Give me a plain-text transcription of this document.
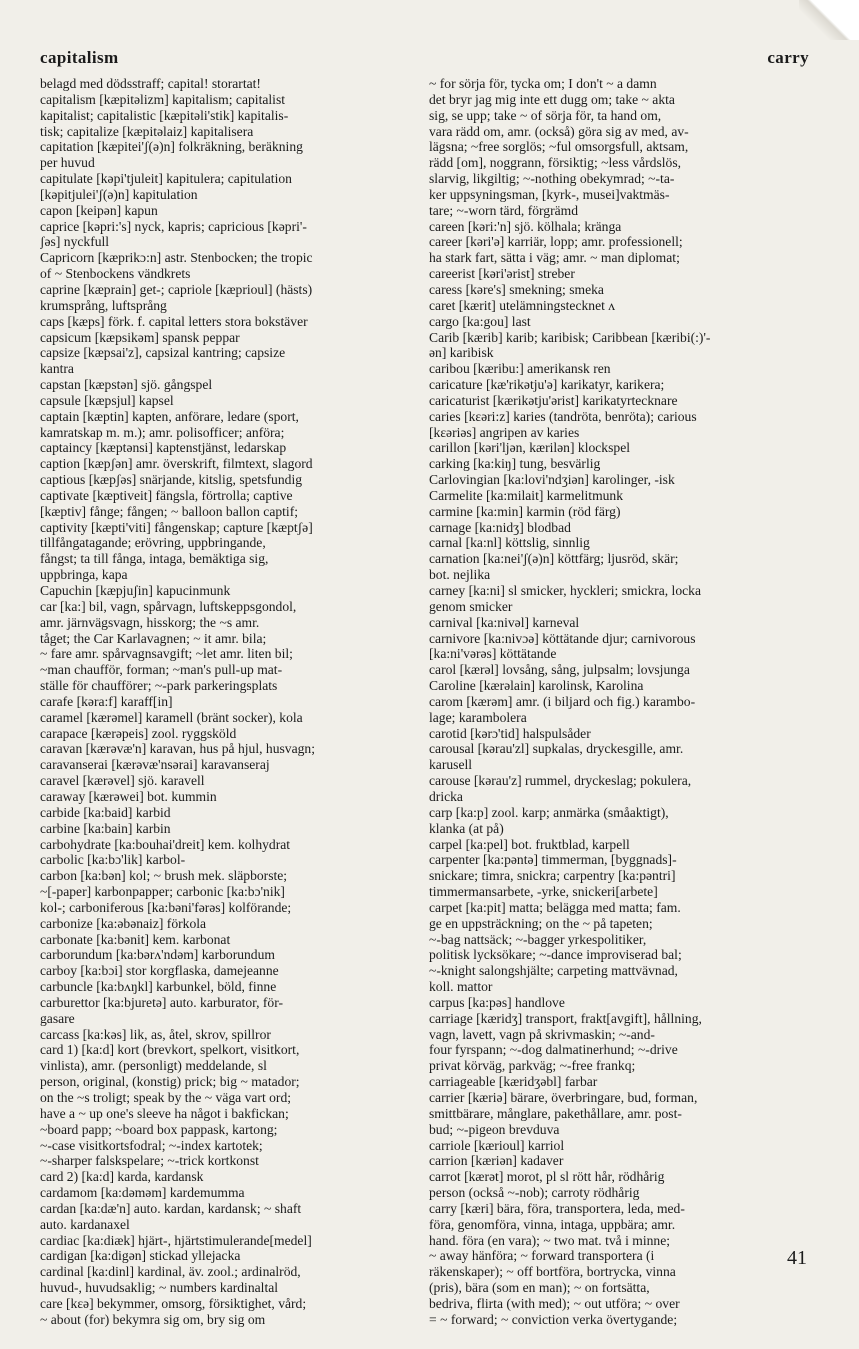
capitalism	carry
belagd med dödsstraff; capital! storartat!
capitalism [kæpitəlizm] kapitalism; capitalist
kapitalist; capitalistic [kæpitəli'stik] kapitalis-
tisk; capitalize [kæpitəlaiz] kapitalisera
capitation [kæpitei'ʃ(ə)n] folkräkning, beräkning
per huvud
capitulate [kəpi'tjuleit] kapitulera; capitulation
[kəpitjulei'ʃ(ə)n] kapitulation
capon [keipən] kapun
caprice [kəpri:'s] nyck, kapris; capricious [kəpri'-
ʃəs] nyckfull
Capricorn [kæprikɔ:n] astr. Stenbocken; the tropic
of ~ Stenbockens vändkrets
caprine [kæprain] get-; capriole [kæprioul] (hästs)
krumsprång, luftsprång
caps [kæps] förk. f. capital letters stora bokstäver
capsicum [kæpsikəm] spansk peppar
capsize [kæpsai'z], capsizal kantring; capsize
kantra
capstan [kæpstən] sjö. gångspel
capsule [kæpsjul] kapsel
captain [kæptin] kapten, anförare, ledare (sport,
kamratskap m. m.); amr. polisofficer; anföra;
captaincy [kæptənsi] kaptenstjänst, ledarskap
caption [kæpʃən] amr. överskrift, filmtext, slagord
captious [kæpʃəs] snärjande, kitslig, spetsfundig
captivate [kæptiveit] fängsla, förtrolla; captive
[kæptiv] fånge; fången; ~ balloon ballon captif;
captivity [kæpti'viti] fångenskap; capture [kæptʃə]
tillfångatagande; erövring, uppbringande,
fångst; ta till fånga, intaga, bemäktiga sig,
uppbringa, kapa
Capuchin [kæpjuʃin] kapucinmunk
car [ka:] bil, vagn, spårvagn, luftskeppsgondol,
amr. järnvägsvagn, hisskorg; the ~s amr.
tåget; the Car Karlavagnen; ~ it amr. bila;
~ fare amr. spårvagnsavgift; ~let amr. liten bil;
~man chaufför, forman; ~man's pull-up mat-
ställe för chaufförer; ~-park parkeringsplats
carafe [kəra:f] karaff[in]
caramel [kærəmel] karamell (bränt socker), kola
carapace [kærəpeis] zool. ryggsköld
caravan [kærəvæ'n] karavan, hus på hjul, husvagn;
caravanserai [kærəvæ'nsərai] karavanseraj
caravel [kærəvel] sjö. karavell
caraway [kærəwei] bot. kummin
carbide [ka:baid] karbid
carbine [ka:bain] karbin
carbohydrate [ka:bouhai'dreit] kem. kolhydrat
carbolic [ka:bɔ'lik] karbol-
carbon [ka:bən] kol; ~ brush mek. släpborste;
~[-paper] karbonpapper; carbonic [ka:bɔ'nik]
kol-; carboniferous [ka:bəni'fərəs] kolförande;
carbonize [ka:əbənaiz] förkola
carbonate [ka:bənit] kem. karbonat
carborundum [ka:bərʌ'ndəm] karborundum
carboy [ka:bɔi] stor korgflaska, damejeanne
carbuncle [ka:bʌŋkl] karbunkel, böld, finne
carburettor [ka:bjuretə] auto. karburator, för-
gasare
carcass [ka:kəs] lik, as, åtel, skrov, spillror
card 1) [ka:d] kort (brevkort, spelkort, visitkort,
vinlista), amr. (personligt) meddelande, sl
person, original, (konstig) prick; big ~ matador;
on the ~s troligt; speak by the ~ väga vart ord;
have a ~ up one's sleeve ha något i bakfickan;
~board papp; ~board box pappask, kartong;
~-case visitkortsfodral; ~-index kartotek;
~-sharper falskspelare; ~-trick kortkonst
card 2) [ka:d] karda, kardansk
cardamom [ka:dəməm] kardemumma
cardan [ka:dæ'n] auto. kardan, kardansk; ~ shaft
auto. kardanaxel
cardiac [ka:diæk] hjärt-, hjärtstimulerande[medel]
cardigan [ka:digən] stickad yllejacka
cardinal [ka:dinl] kardinal, äv. zool.; ardinalröd,
huvud-, huvudsaklig; ~ numbers kardinaltal
care [kɛə] bekymmer, omsorg, försiktighet, vård;
~ about (for) bekymra sig om, bry sig om
~ for sörja för, tycka om; I don't ~ a damn
det bryr jag mig inte ett dugg om; take ~ akta
sig, se upp; take ~ of sörja för, ta hand om,
vara rädd om, amr. (också) göra sig av med, av-
lägsna; ~free sorglös; ~ful omsorgsfull, aktsam,
rädd [om], noggrann, försiktig; ~less vårdslös,
slarvig, likgiltig; ~-nothing obekymrad; ~-ta-
ker uppsyningsman, [kyrk-, musei]vaktmäs-
tare; ~-worn tärd, förgrämd
careen [kəri:'n] sjö. kölhala; kränga
career [kəri'ə] karriär, lopp; amr. professionell;
ha stark fart, sätta i väg; amr. ~ man diplomat;
careerist [kəri'ərist] streber
caress [kəre's] smekning; smeka
caret [kærit] utelämningstecknet ʌ
cargo [ka:gou] last
Carib [kærib] karib; karibisk; Caribbean [kæribi(:)'-
ən] karibisk
caribou [kæribu:] amerikansk ren
caricature [kæ'rikətju'ə] karikatyr, karikera;
caricaturist [kærikətju'ərist] karikatyrtecknare
caries [kɛəri:z] karies (tandröta, benröta); carious
[kɛəriəs] angripen av karies
carillon [kəri'ljən, kærilən] klockspel
carking [ka:kiŋ] tung, besvärlig
Carlovingian [ka:lovi'ndʒiən] karolinger, -isk
Carmelite [ka:milait] karmelitmunk
carmine [ka:min] karmin (röd färg)
carnage [ka:nidʒ] blodbad
carnal [ka:nl] köttslig, sinnlig
carnation [ka:nei'ʃ(ə)n] köttfärg; ljusröd, skär;
bot. nejlika
carney [ka:ni] sl smicker, hyckleri; smickra, locka
genom smicker
carnival [ka:nivəl] karneval
carnivore [ka:nivɔə] köttätande djur; carnivorous
[ka:ni'vərəs] köttätande
carol [kærəl] lovsång, sång, julpsalm; lovsjunga
Caroline [kærəlain] karolinsk, Karolina
carom [kærəm] amr. (i biljard och fig.) karambo-
lage; karambolera
carotid [kərɔ'tid] halspulsåder
carousal [kərau'zl] supkalas, dryckesgille, amr.
karusell
carouse [kərau'z] rummel, dryckeslag; pokulera,
dricka
carp [ka:p] zool. karp; anmärka (småaktigt),
klanka (at på)
carpel [ka:pel] bot. fruktblad, karpell
carpenter [ka:pəntə] timmerman, [byggnads]-
snickare; timra, snickra; carpentry [ka:pəntri]
timmermansarbete, -yrke, snickeri[arbete]
carpet [ka:pit] matta; belägga med matta; fam.
ge en uppsträckning; on the ~ på tapeten;
~-bag nattsäck; ~-bagger yrkespolitiker,
politisk lycksökare; ~-dance improviserad bal;
~-knight salongshjälte; carpeting mattvävnad,
koll. mattor
carpus [ka:pəs] handlove
carriage [kæridʒ] transport, frakt[avgift], hållning,
vagn, lavett, vagn på skrivmaskin; ~-and-
four fyrspann; ~-dog dalmatinerhund; ~-drive
privat körväg, parkväg; ~-free frankq;
carriageable [kæridʒəbl] farbar
carrier [kæriə] bärare, överbringare, bud, forman,
smittbärare, månglare, pakethållare, amr. post-
bud; ~-pigeon brevduva
carriole [kærioul] karriol
carrion [kæriən] kadaver
carrot [kærət] morot, pl sl rött hår, rödhårig
person (också ~-nob); carroty rödhårig
carry [kæri] bära, föra, transportera, leda, med-
föra, genomföra, vinna, intaga, uppbära; amr.
hand. föra (en vara); ~ two mat. två i minne;
~ away hänföra; ~ forward transportera (i
räkenskaper); ~ off bortföra, bortrycka, vinna
(pris), bära (som en man); ~ on fortsätta,
bedriva, flirta (with med); ~ out utföra; ~ over
= ~ forward; ~ conviction verka övertygande;
41
